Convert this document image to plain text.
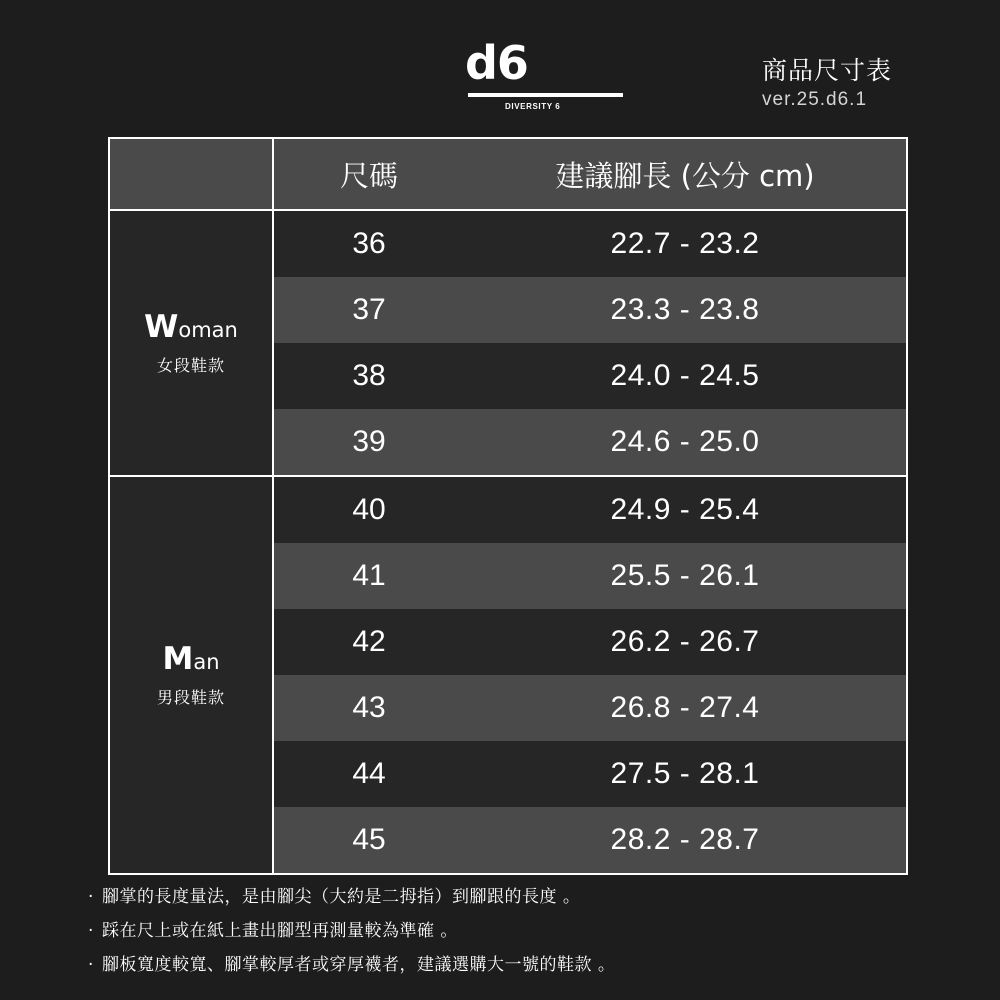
d6
DIVERSITY 6
商品尺寸表
ver.25.d6.1
尺碼	建議腳長 (公分 cm)
Woman
女段鞋款
36	22.7 - 23.2
37	23.3 - 23.8
38	24.0 - 24.5
39	24.6 - 25.0
Man
男段鞋款
40	24.9 - 25.4
41	25.5 - 26.1
42	26.2 - 26.7
43	26.8 - 27.4
44	27.5 - 28.1
45	28.2 - 28.7
· 腳掌的長度量法，是由腳尖（大約是二拇指）到腳跟的長度 。
· 踩在尺上或在紙上畫出腳型再測量較為準確 。
· 腳板寬度較寬、腳掌較厚者或穿厚襪者，建議選購大一號的鞋款 。
